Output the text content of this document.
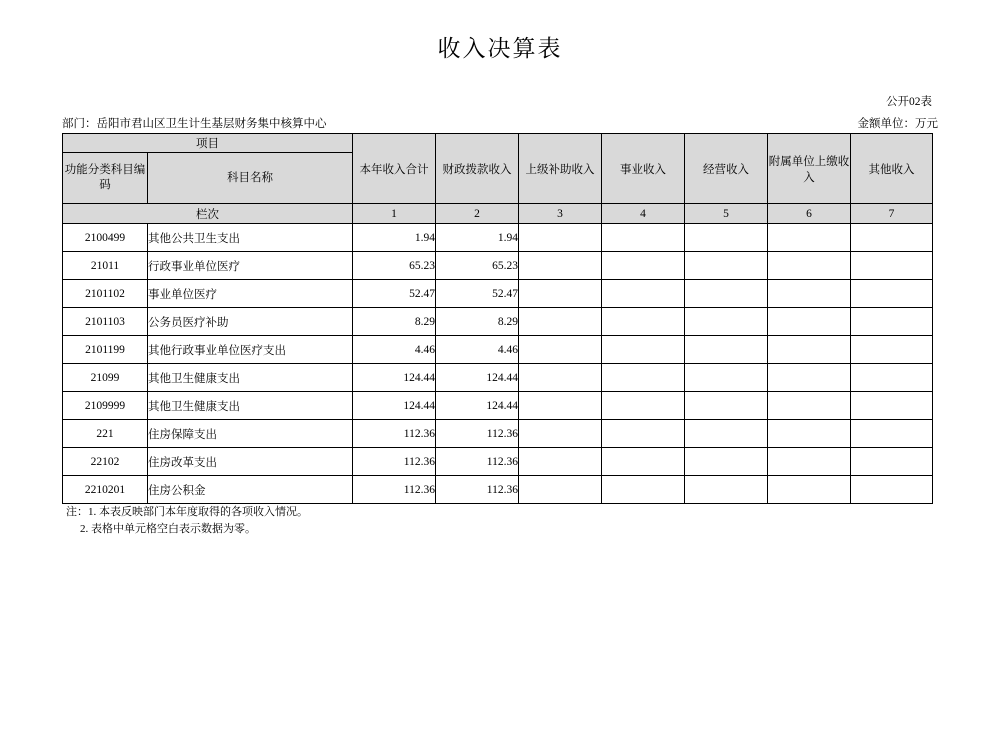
收入决算表
公开02表
部门：岳阳市君山区卫生计生基层财务集中核算中心	金额单位：万元
项目		本年收入合计	财政拨款收入	上级补助收入	事业收入	经营收入	附属单位上缴收入	其他收入

功能分类科目编码	科目名称							
栏次		1	2	3	4	5	6	7
2100499	其他公共卫生支出	1.94	1.94					
21011	行政事业单位医疗	65.23	65.23					
2101102	事业单位医疗	52.47	52.47					
2101103	公务员医疗补助	8.29	8.29					
2101199	其他行政事业单位医疗支出	4.46	4.46					
21099	其他卫生健康支出	124.44	124.44					
2109999	其他卫生健康支出	124.44	124.44					
221	住房保障支出	112.36	112.36					
22102	住房改革支出	112.36	112.36					
2210201	住房公积金	112.36	112.36					
注：1. 本表反映部门本年度取得的各项收入情况。
2. 表格中单元格空白表示数据为零。
